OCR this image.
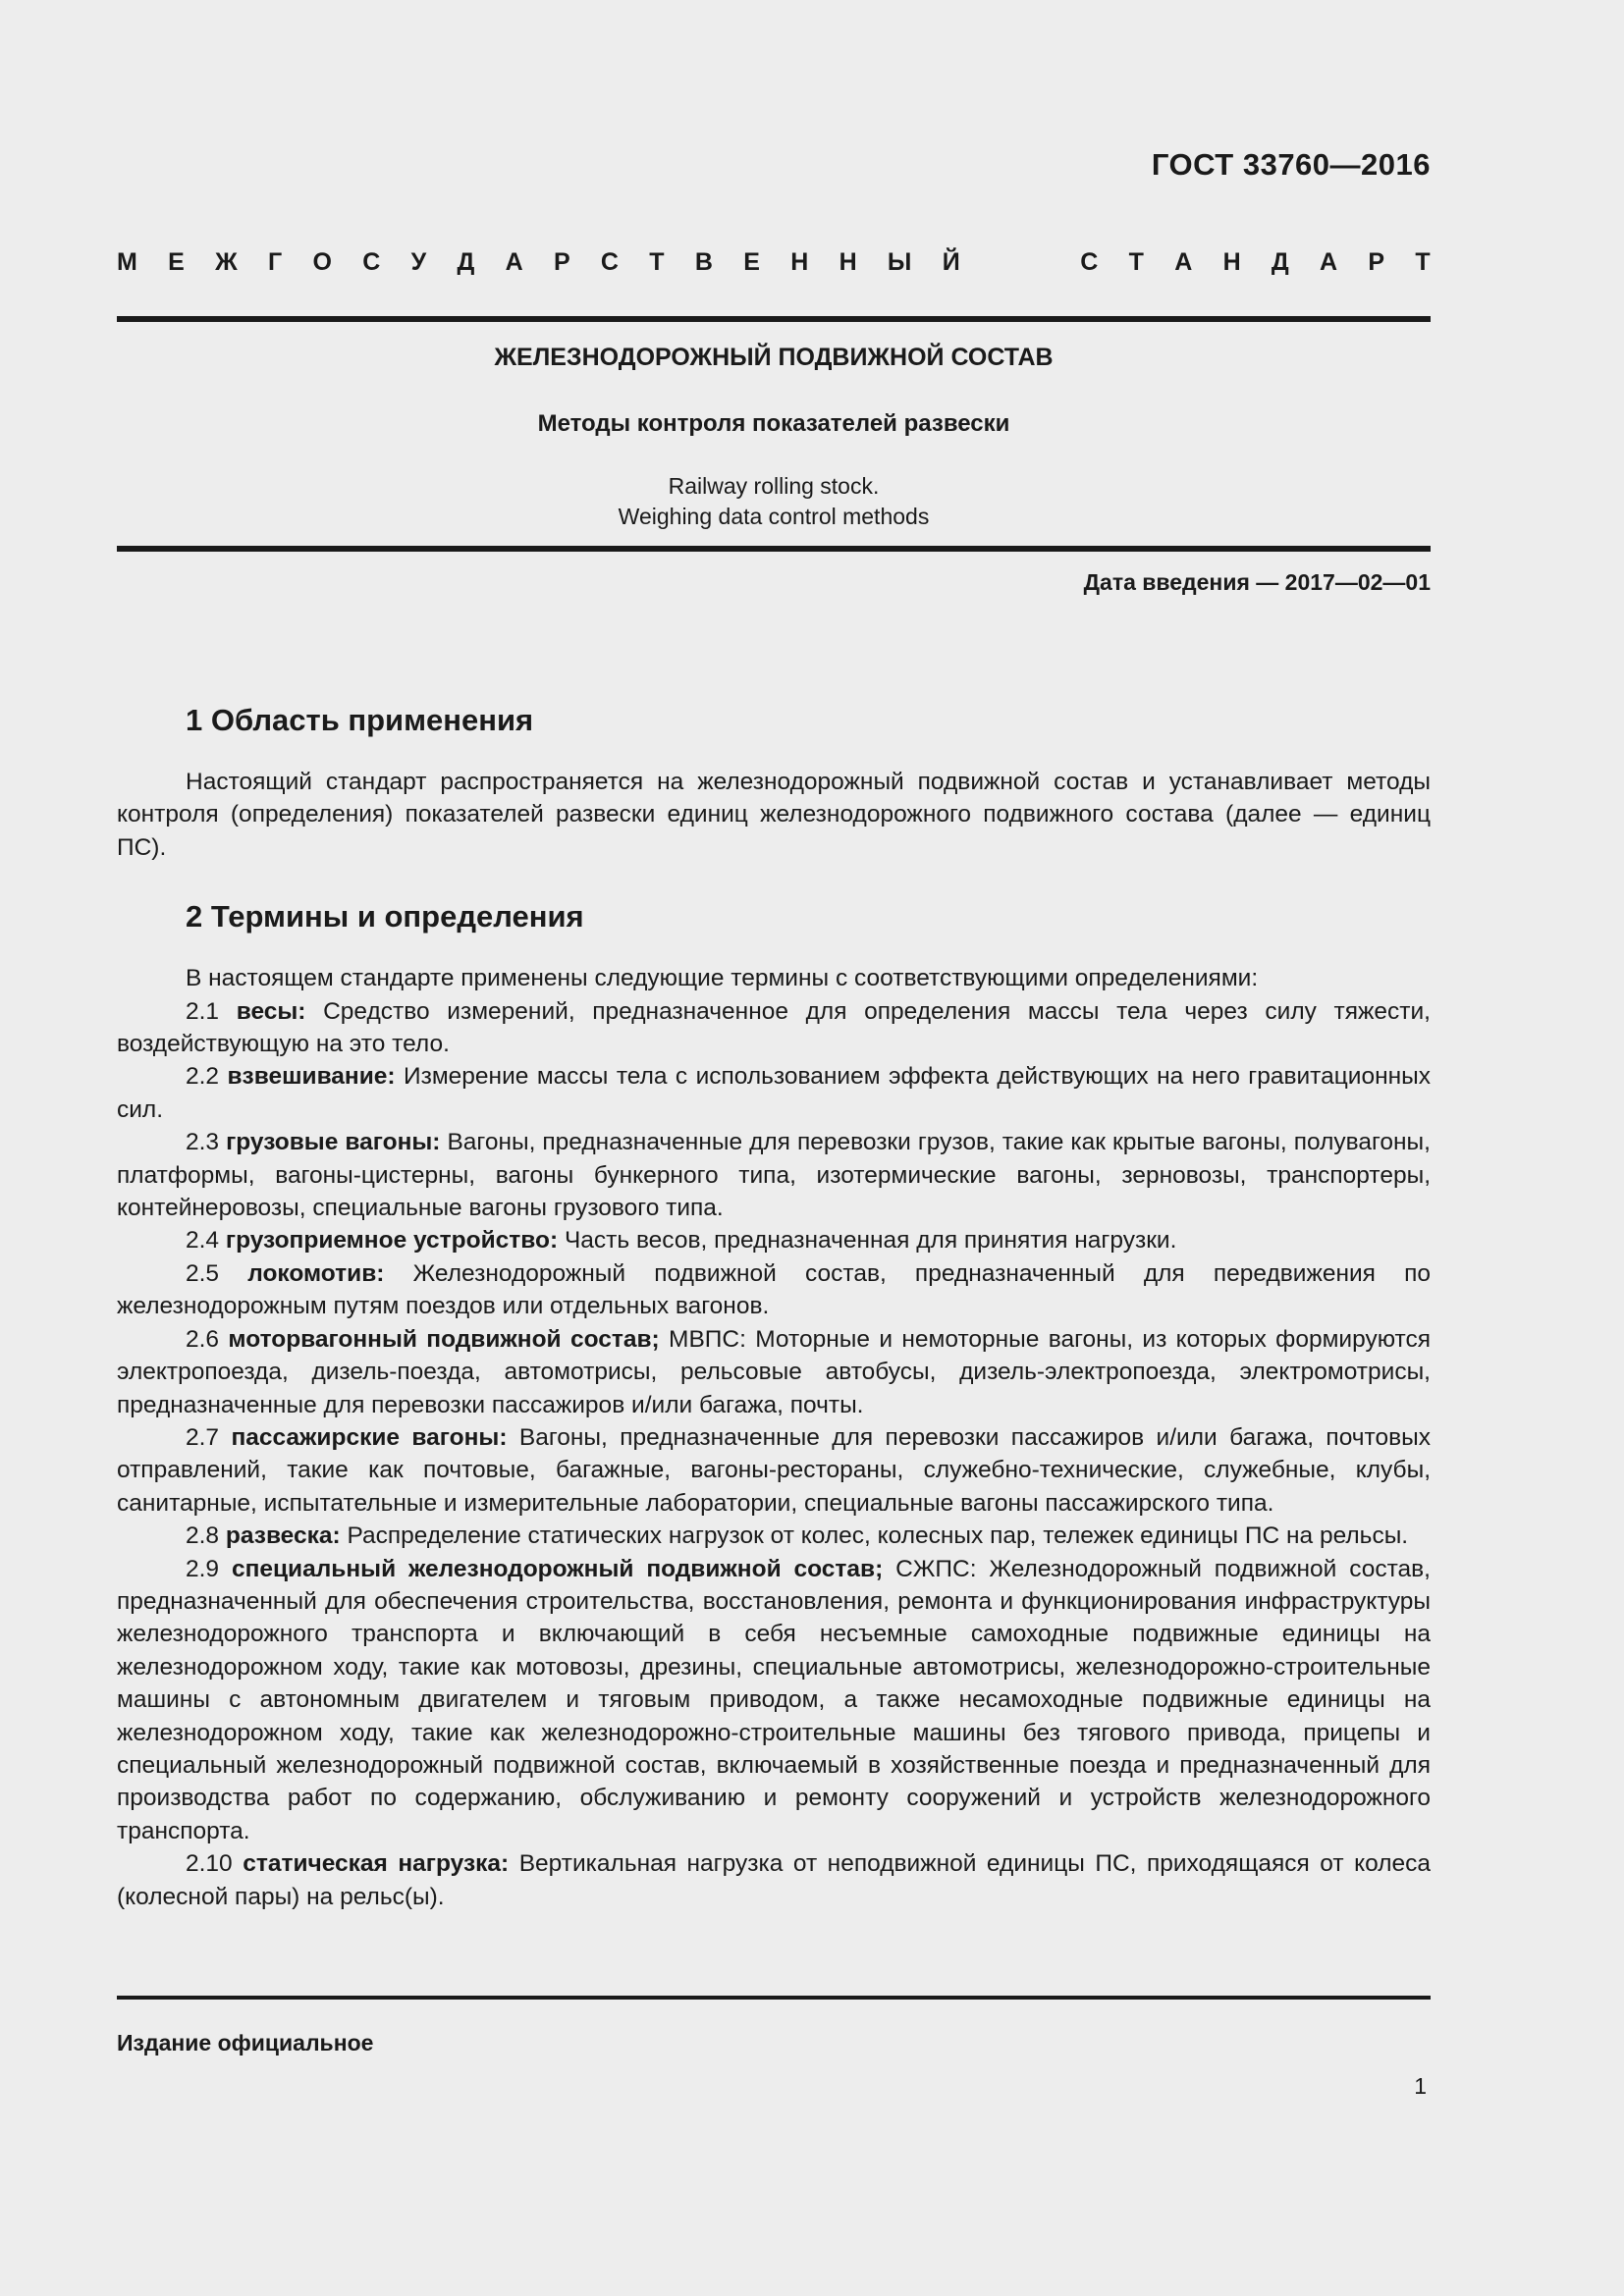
ГОСТ 33760—2016
М Е Ж Г О С У Д А Р С Т В Е Н Н Ы Й	С Т А Н Д А Р Т
ЖЕЛЕЗНОДОРОЖНЫЙ ПОДВИЖНОЙ СОСТАВ
Методы контроля показателей развески
Railway rolling stock.
Weighing data control methods
Дата введения — 2017—02—01
1 Область применения

Настоящий стандарт распространяется на железнодорожный подвижной состав и устанавливает методы контроля (определения) показателей развески единиц железнодорожного подвижного состава (далее — единиц ПС).

2 Термины и определения

В настоящем стандарте применены следующие термины с соответствующими определениями:

2.1 весы: Средство измерений, предназначенное для определения массы тела через силу тяжести, воздействующую на это тело.

2.2 взвешивание: Измерение массы тела с использованием эффекта действующих на него гравитационных сил.

2.3 грузовые вагоны: Вагоны, предназначенные для перевозки грузов, такие как крытые вагоны, полувагоны, платформы, вагоны-цистерны, вагоны бункерного типа, изотермические вагоны, зерновозы, транспортеры, контейнеровозы, специальные вагоны грузового типа.

2.4 грузоприемное устройство: Часть весов, предназначенная для принятия нагрузки.

2.5 локомотив: Железнодорожный подвижной состав, предназначенный для передвижения по железнодорожным путям поездов или отдельных вагонов.

2.6 моторвагонный подвижной состав; МВПС: Моторные и немоторные вагоны, из которых формируются электропоезда, дизель-поезда, автомотрисы, рельсовые автобусы, дизель-электропоезда, электромотрисы, предназначенные для перевозки пассажиров и/или багажа, почты.

2.7 пассажирские вагоны: Вагоны, предназначенные для перевозки пассажиров и/или багажа, почтовых отправлений, такие как почтовые, багажные, вагоны-рестораны, служебно-технические, служебные, клубы, санитарные, испытательные и измерительные лаборатории, специальные вагоны пассажирского типа.

2.8 развеска: Распределение статических нагрузок от колес, колесных пар, тележек единицы ПС на рельсы.

2.9 специальный железнодорожный подвижной состав; СЖПС: Железнодорожный подвижной состав, предназначенный для обеспечения строительства, восстановления, ремонта и функционирования инфраструктуры железнодорожного транспорта и включающий в себя несъемные самоходные подвижные единицы на железнодорожном ходу, такие как мотовозы, дрезины, специальные автомотрисы, железнодорожно-строительные машины с автономным двигателем и тяговым приводом, а также несамоходные подвижные единицы на железнодорожном ходу, такие как железнодорожно-строительные машины без тягового привода, прицепы и специальный железнодорожный подвижной состав, включаемый в хозяйственные поезда и предназначенный для производства работ по содержанию, обслуживанию и ремонту сооружений и устройств железнодорожного транспорта.

2.10 статическая нагрузка: Вертикальная нагрузка от неподвижной единицы ПС, приходящаяся от колеса (колесной пары) на рельс(ы).

Издание официальное
1
